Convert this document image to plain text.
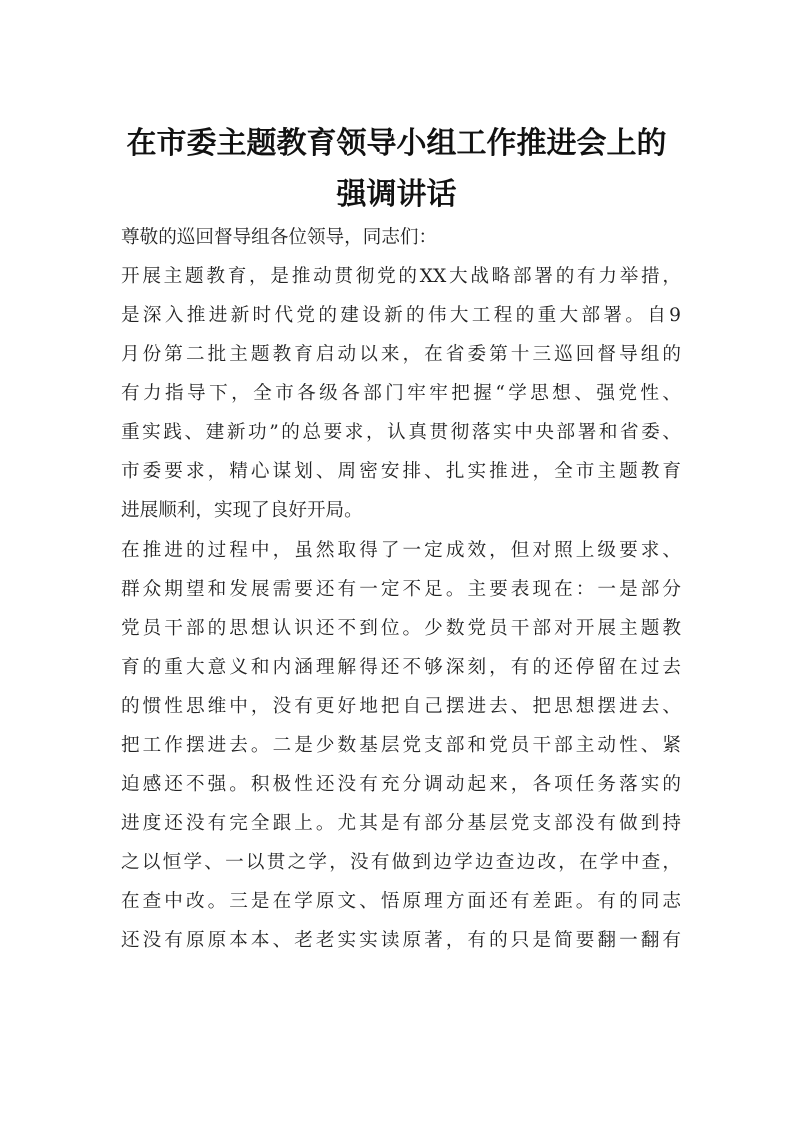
在市委主题教育领导小组工作推进会上的
强调讲话
尊敬的巡回督导组各位领导，同志们：
开展主题教育，是推动贯彻党的XX大战略部署的有力举措，
是深入推进新时代党的建设新的伟大工程的重大部署。自9
月份第二批主题教育启动以来，在省委第十三巡回督导组的
有力指导下，全市各级各部门牢牢把握“学思想、强党性、
重实践、建新功”的总要求，认真贯彻落实中央部署和省委、
市委要求，精心谋划、周密安排、扎实推进，全市主题教育
进展顺利，实现了良好开局。
在推进的过程中，虽然取得了一定成效，但对照上级要求、
群众期望和发展需要还有一定不足。主要表现在：一是部分
党员干部的思想认识还不到位。少数党员干部对开展主题教
育的重大意义和内涵理解得还不够深刻，有的还停留在过去
的惯性思维中，没有更好地把自己摆进去、把思想摆进去、
把工作摆进去。二是少数基层党支部和党员干部主动性、紧
迫感还不强。积极性还没有充分调动起来，各项任务落实的
进度还没有完全跟上。尤其是有部分基层党支部没有做到持
之以恒学、一以贯之学，没有做到边学边查边改，在学中查，
在查中改。三是在学原文、悟原理方面还有差距。有的同志
还没有原原本本、老老实实读原著，有的只是简要翻一翻有
